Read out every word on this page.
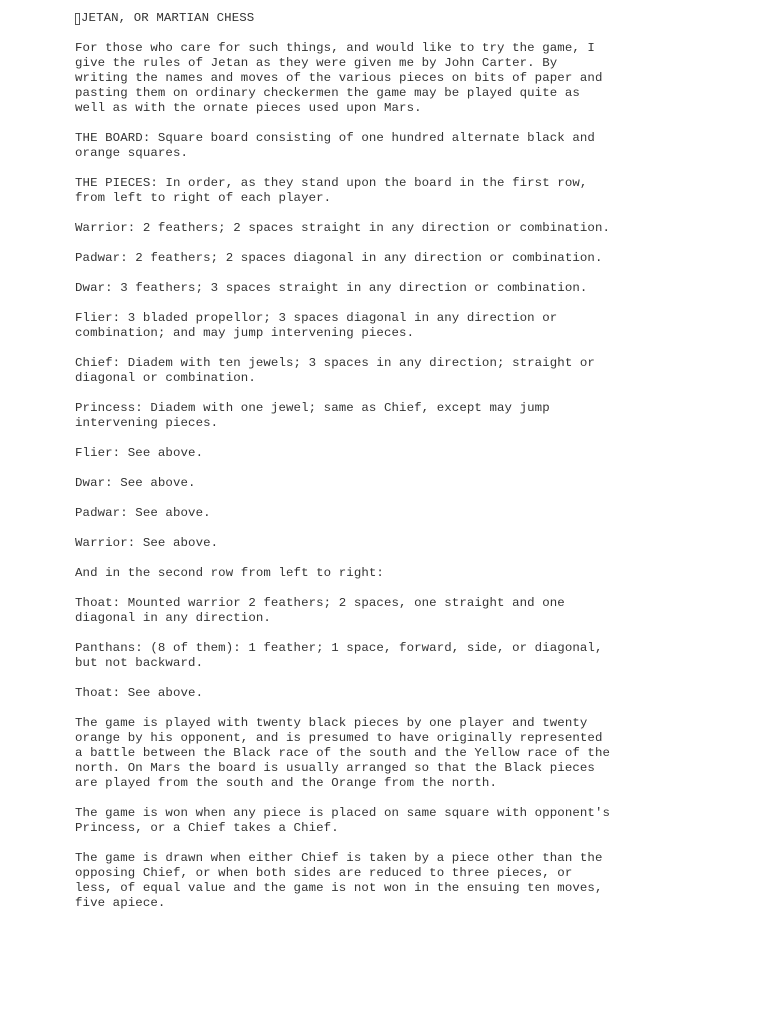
JETAN, OR MARTIAN CHESS

For those who care for such things, and would like to try the game, I
give the rules of Jetan as they were given me by John Carter. By
writing the names and moves of the various pieces on bits of paper and
pasting them on ordinary checkermen the game may be played quite as
well as with the ornate pieces used upon Mars.

THE BOARD: Square board consisting of one hundred alternate black and
orange squares.

THE PIECES: In order, as they stand upon the board in the first row,
from left to right of each player.

Warrior: 2 feathers; 2 spaces straight in any direction or combination.

Padwar: 2 feathers; 2 spaces diagonal in any direction or combination.

Dwar: 3 feathers; 3 spaces straight in any direction or combination.

Flier: 3 bladed propellor; 3 spaces diagonal in any direction or
combination; and may jump intervening pieces.

Chief: Diadem with ten jewels; 3 spaces in any direction; straight or
diagonal or combination.

Princess: Diadem with one jewel; same as Chief, except may jump
intervening pieces.

Flier: See above.

Dwar: See above.

Padwar: See above.

Warrior: See above.

And in the second row from left to right:

Thoat: Mounted warrior 2 feathers; 2 spaces, one straight and one
diagonal in any direction.

Panthans: (8 of them): 1 feather; 1 space, forward, side, or diagonal,
but not backward.

Thoat: See above.

The game is played with twenty black pieces by one player and twenty
orange by his opponent, and is presumed to have originally represented
a battle between the Black race of the south and the Yellow race of the
north. On Mars the board is usually arranged so that the Black pieces
are played from the south and the Orange from the north.

The game is won when any piece is placed on same square with opponent's
Princess, or a Chief takes a Chief.

The game is drawn when either Chief is taken by a piece other than the
opposing Chief, or when both sides are reduced to three pieces, or
less, of equal value and the game is not won in the ensuing ten moves,
five apiece.
